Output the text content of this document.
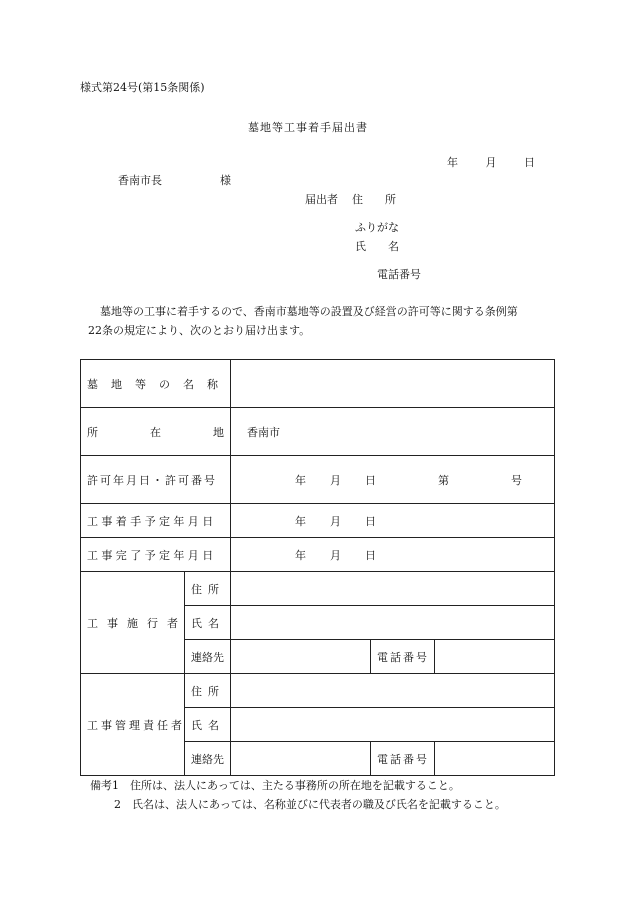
様式第24号(第15条関係)
墓地等工事着手届出書
年	月	日
香南市長	様
届出者 住　　所
ふりがな
氏　　名
電話番号
墓地等の工事に着手するので、香南市墓地等の設置及び経営の許可等に関する条例第
22条の規定により、次のとおり届け出ます。
墓地等の名称				

所 在 地		香南市		
許可年月日・許可番号		年 月 日 第 号		
工事着手予定年月日		年 月 日		
工事完了予定年月日		年 月 日		
工事施行者	住所			
	氏名			
	連絡先		電話番号	
工事管理責任者	住所			
	氏名			
	連絡先		電話番号	
備考1　住所は、法人にあっては、主たる事務所の所在地を記載すること。
2　氏名は、法人にあっては、名称並びに代表者の職及び氏名を記載すること。
